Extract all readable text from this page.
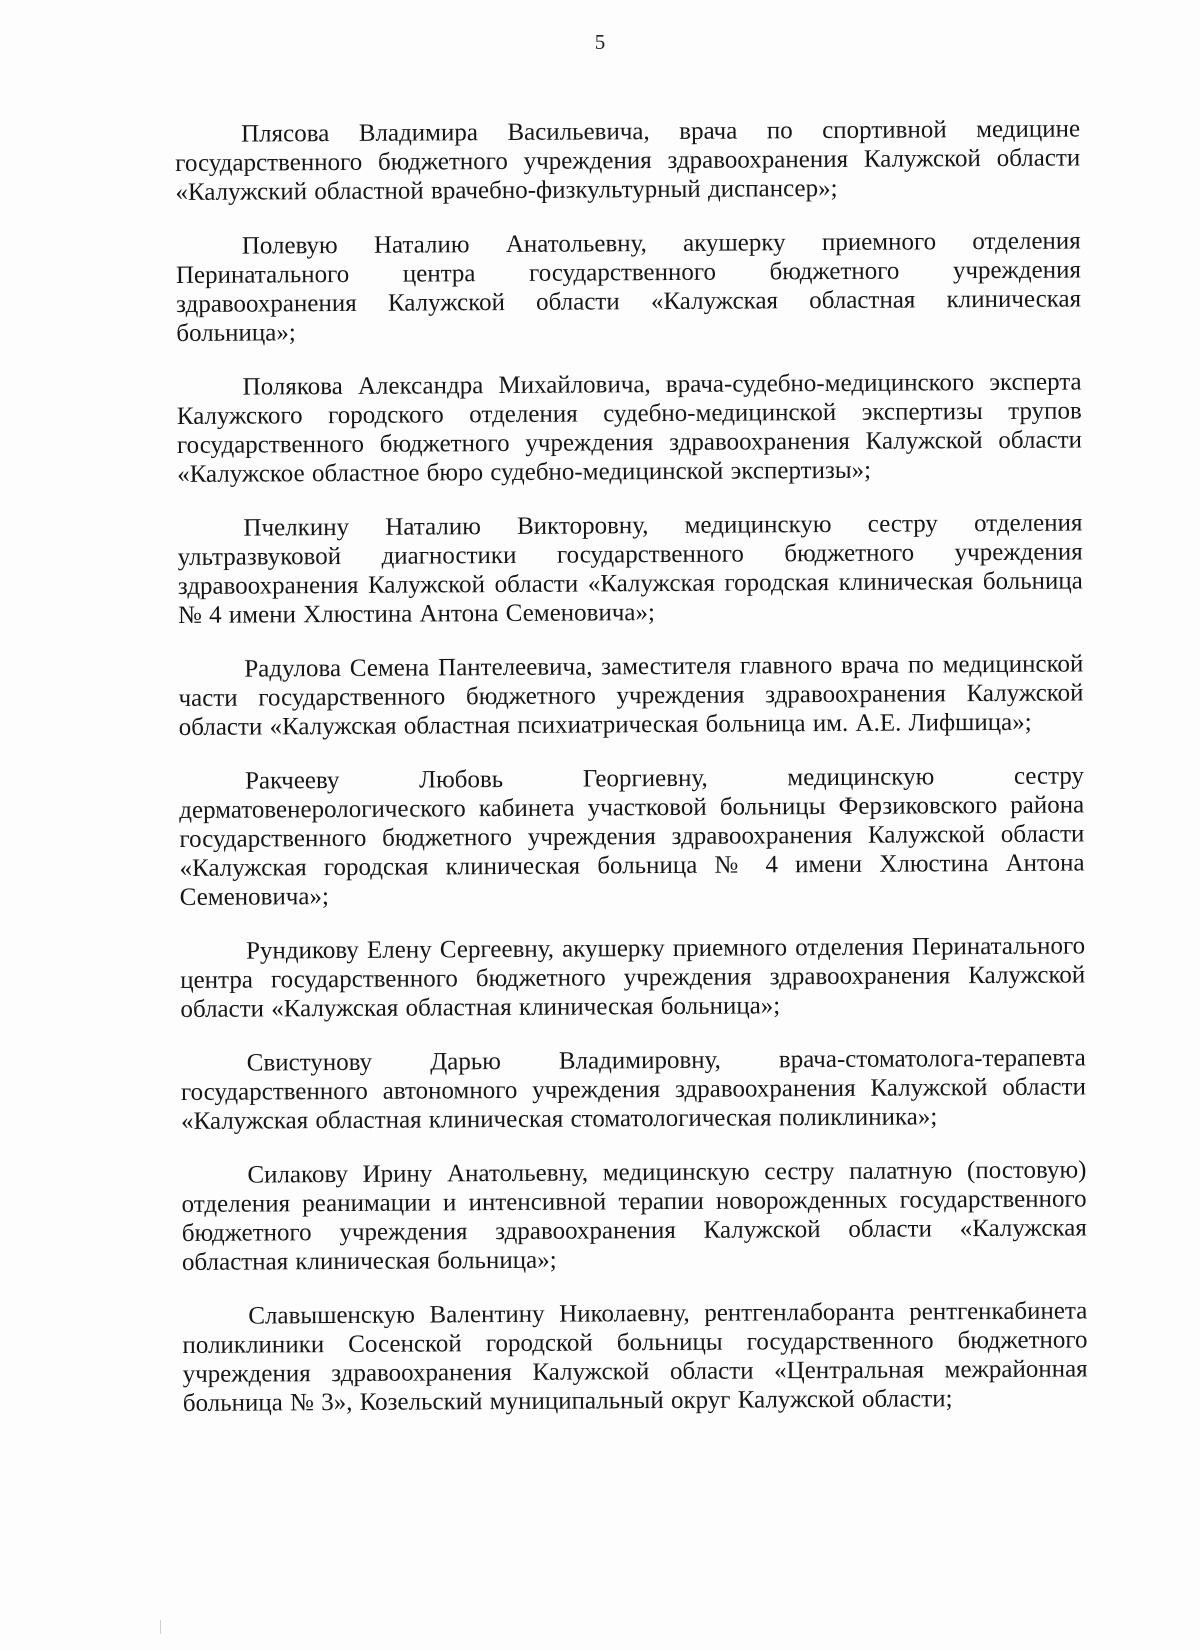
5

Плясова Владимира Васильевича, врача по спортивной медицине государственного бюджетного учреждения здравоохранения Калужской области «Калужский областной врачебно-физкультурный диспансер»;

Полевую Наталию Анатольевну, акушерку приемного отделения Перинатального центра государственного бюджетного учреждения здравоохранения Калужской области «Калужская областная клиническая больница»;

Полякова Александра Михайловича, врача-судебно-медицинского эксперта Калужского городского отделения судебно-медицинской экспертизы трупов государственного бюджетного учреждения здравоохранения Калужской области «Калужское областное бюро судебно-медицинской экспертизы»;

Пчелкину Наталию Викторовну, медицинскую сестру отделения ультразвуковой диагностики государственного бюджетного учреждения здравоохранения Калужской области «Калужская городская клиническая больница № 4 имени Хлюстина Антона Семеновича»;

Радулова Семена Пантелеевича, заместителя главного врача по медицинской части государственного бюджетного учреждения здравоохранения Калужской области «Калужская областная психиатрическая больница им. А.Е. Лифшица»;

Ракчееву Любовь Георгиевну, медицинскую сестру дерматовенерологического кабинета участковой больницы Ферзиковского района государственного бюджетного учреждения здравоохранения Калужской области «Калужская городская клиническая больница № 4 имени Хлюстина Антона Семеновича»;

Рундикову Елену Сергеевну, акушерку приемного отделения Перинатального центра государственного бюджетного учреждения здравоохранения Калужской области «Калужская областная клиническая больница»;

Свистунову Дарью Владимировну, врача-стоматолога-терапевта государственного автономного учреждения здравоохранения Калужской области «Калужская областная клиническая стоматологическая поликлиника»;

Силакову Ирину Анатольевну, медицинскую сестру палатную (постовую) отделения реанимации и интенсивной терапии новорожденных государственного бюджетного учреждения здравоохранения Калужской области «Калужская областная клиническая больница»;

Славышенскую Валентину Николаевну, рентгенлаборанта рентгенкабинета поликлиники Сосенской городской больницы государственного бюджетного учреждения здравоохранения Калужской области «Центральная межрайонная больница № 3», Козельский муниципальный округ Калужской области;
